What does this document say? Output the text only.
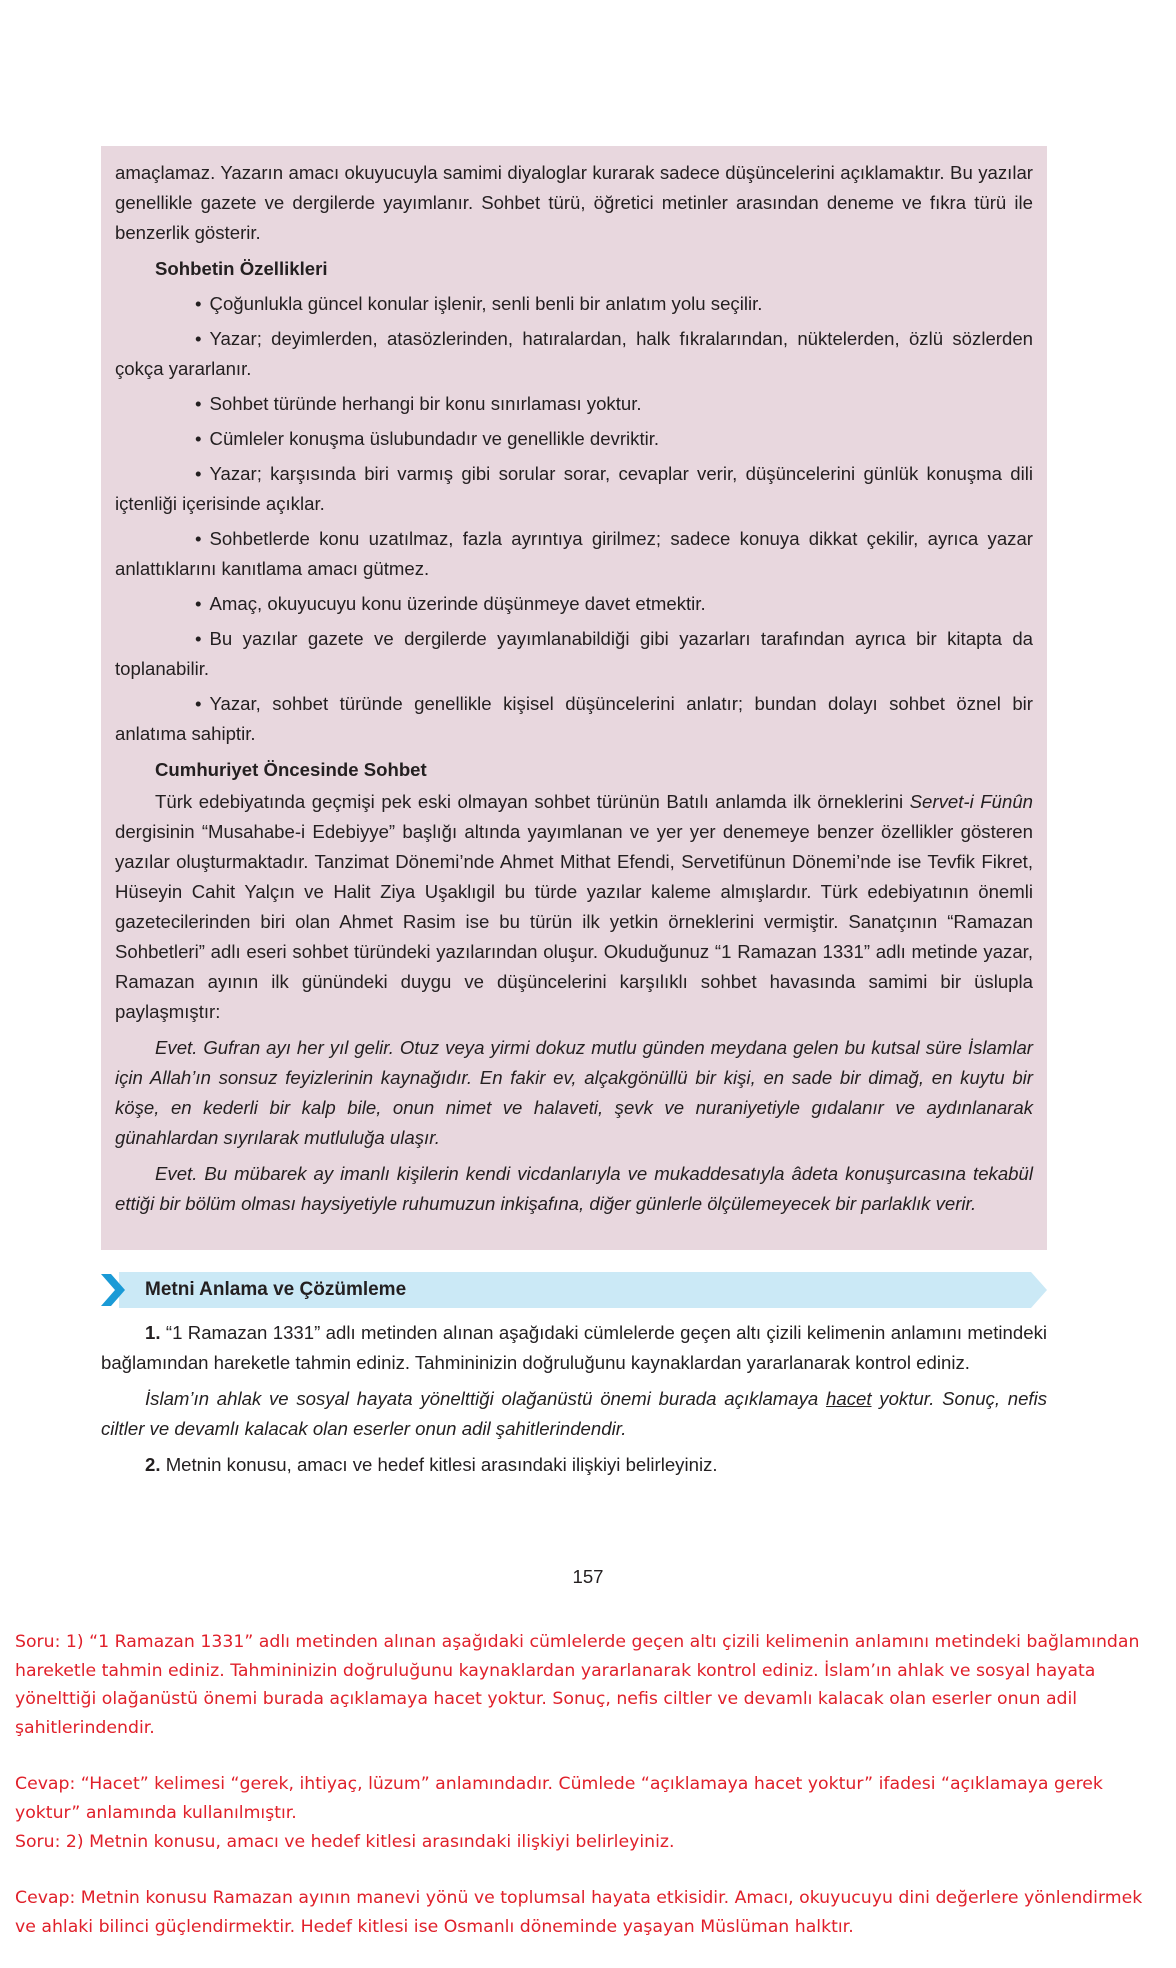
amaçlamaz. Yazarın amacı okuyucuyla samimi diyaloglar kurarak sadece düşüncelerini açıklamaktır. Bu yazılar genellikle gazete ve dergilerde yayımlanır. Sohbet türü, öğretici metinler arasından deneme ve fıkra türü ile benzerlik gösterir.

Sohbetin Özellikleri

• Çoğunlukla güncel konular işlenir, senli benli bir anlatım yolu seçilir.

• Yazar; deyimlerden, atasözlerinden, hatıralardan, halk fıkralarından, nüktelerden, özlü sözlerden çokça yararlanır.

• Sohbet türünde herhangi bir konu sınırlaması yoktur.

• Cümleler konuşma üslubundadır ve genellikle devriktir.

• Yazar; karşısında biri varmış gibi sorular sorar, cevaplar verir, düşüncelerini günlük konuşma dili içtenliği içerisinde açıklar.

• Sohbetlerde konu uzatılmaz, fazla ayrıntıya girilmez; sadece konuya dikkat çekilir, ayrıca yazar anlattıklarını kanıtlama amacı gütmez.

• Amaç, okuyucuyu konu üzerinde düşünmeye davet etmektir.

• Bu yazılar gazete ve dergilerde yayımlanabildiği gibi yazarları tarafından ayrıca bir kitapta da toplanabilir.

• Yazar, sohbet türünde genellikle kişisel düşüncelerini anlatır; bundan dolayı sohbet öznel bir anlatıma sahiptir.

Cumhuriyet Öncesinde Sohbet

Türk edebiyatında geçmişi pek eski olmayan sohbet türünün Batılı anlamda ilk örneklerini Servet-i Fünûn dergisinin “Musahabe-i Edebiyye” başlığı altında yayımlanan ve yer yer denemeye benzer özellikler gösteren yazılar oluşturmaktadır. Tanzimat Dönemi’nde Ahmet Mithat Efendi, Servetifünun Dönemi’nde ise Tevfik Fikret, Hüseyin Cahit Yalçın ve Halit Ziya Uşaklıgil bu türde yazılar kaleme almışlardır. Türk edebiyatının önemli gazetecilerinden biri olan Ahmet Rasim ise bu türün ilk yetkin örneklerini vermiştir. Sanatçının “Ramazan Sohbetleri” adlı eseri sohbet türündeki yazılarından oluşur. Okuduğunuz “1 Ramazan 1331” adlı metinde yazar, Ramazan ayının ilk günündeki duygu ve düşüncelerini karşılıklı sohbet havasında samimi bir üslupla paylaşmıştır:

Evet. Gufran ayı her yıl gelir. Otuz veya yirmi dokuz mutlu günden meydana gelen bu kutsal süre İslamlar için Allah’ın sonsuz feyizlerinin kaynağıdır. En fakir ev, alçakgönüllü bir kişi, en sade bir dimağ, en kuytu bir köşe, en kederli bir kalp bile, onun nimet ve halaveti, şevk ve nuraniyetiyle gıdalanır ve aydınlanarak günahlardan sıyrılarak mutluluğa ulaşır.

Evet. Bu mübarek ay imanlı kişilerin kendi vicdanlarıyla ve mukaddesatıyla âdeta konuşurcasına tekabül ettiği bir bölüm olması haysiyetiyle ruhumuzun inkişafına, diğer günlerle ölçülemeyecek bir parlaklık verir.

Metni Anlama ve Çözümleme

1. “1 Ramazan 1331” adlı metinden alınan aşağıdaki cümlelerde geçen altı çizili kelimenin anlamını metindeki bağlamından hareketle tahmin ediniz. Tahmininizin doğruluğunu kaynaklardan yararlanarak kontrol ediniz.

İslam’ın ahlak ve sosyal hayata yönelttiği olağanüstü önemi burada açıklamaya hacet yoktur. Sonuç, nefis ciltler ve devamlı kalacak olan eserler onun adil şahitlerindendir.

2. Metnin konusu, amacı ve hedef kitlesi arasındaki ilişkiyi belirleyiniz.

157

Soru: 1) “1 Ramazan 1331” adlı metinden alınan aşağıdaki cümlelerde geçen altı çizili kelimenin anlamını metindeki bağlamından hareketle tahmin ediniz. Tahmininizin doğruluğunu kaynaklardan yararlanarak kontrol ediniz. İslam’ın ahlak ve sosyal hayata yönelttiği olağanüstü önemi burada açıklamaya hacet yoktur. Sonuç, nefis ciltler ve devamlı kalacak olan eserler onun adil şahitlerindendir.

Cevap: “Hacet” kelimesi “gerek, ihtiyaç, lüzum” anlamındadır. Cümlede “açıklamaya hacet yoktur” ifadesi “açıklamaya gerek yoktur” anlamında kullanılmıştır.

Soru: 2) Metnin konusu, amacı ve hedef kitlesi arasındaki ilişkiyi belirleyiniz.

Cevap: Metnin konusu Ramazan ayının manevi yönü ve toplumsal hayata etkisidir. Amacı, okuyucuyu dini değerlere yönlendirmek ve ahlaki bilinci güçlendirmektir. Hedef kitlesi ise Osmanlı döneminde yaşayan Müslüman halktır.
